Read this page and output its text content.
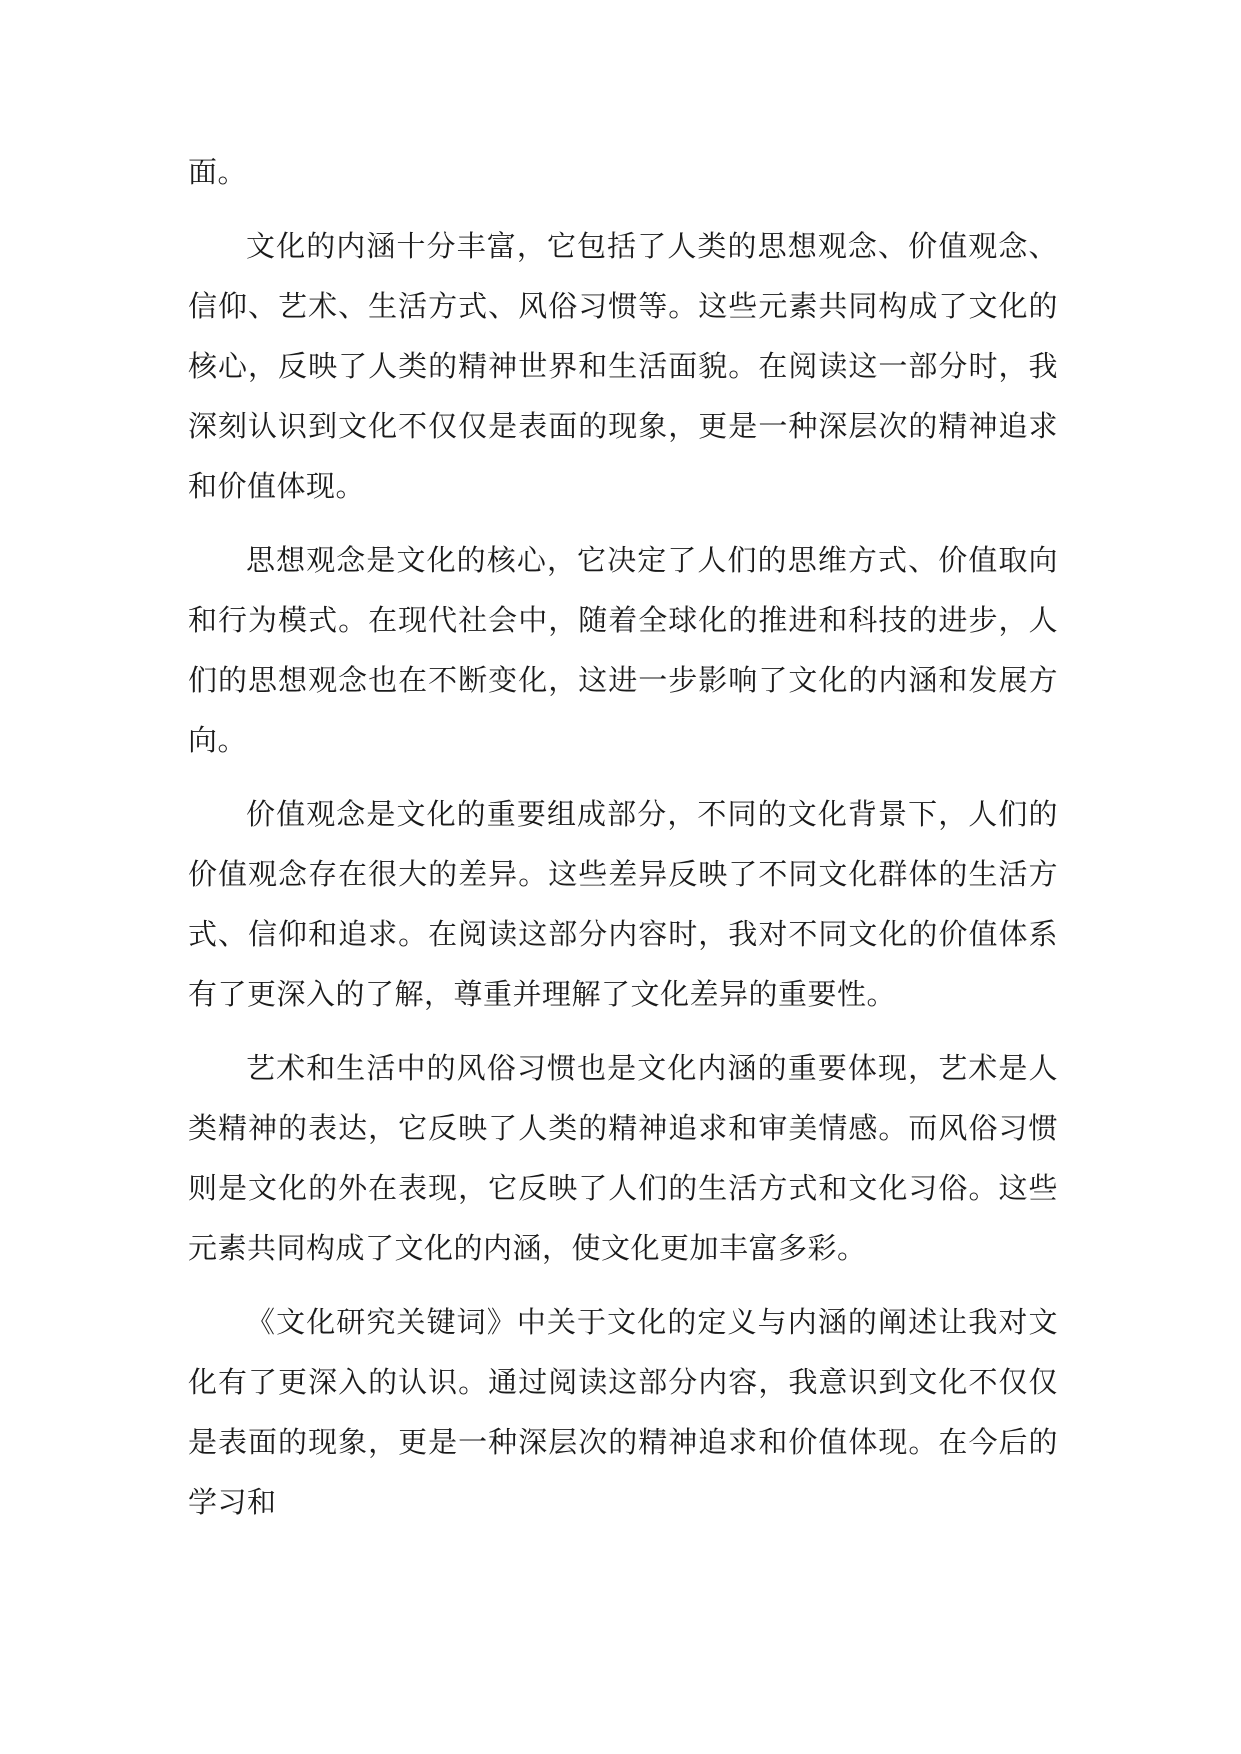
面。

文化的内涵十分丰富，它包括了人类的思想观念、价值观念、信仰、艺术、生活方式、风俗习惯等。这些元素共同构成了文化的核心，反映了人类的精神世界和生活面貌。在阅读这一部分时，我深刻认识到文化不仅仅是表面的现象，更是一种深层次的精神追求和价值体现。

思想观念是文化的核心，它决定了人们的思维方式、价值取向和行为模式。在现代社会中，随着全球化的推进和科技的进步，人们的思想观念也在不断变化，这进一步影响了文化的内涵和发展方向。

价值观念是文化的重要组成部分，不同的文化背景下，人们的价值观念存在很大的差异。这些差异反映了不同文化群体的生活方式、信仰和追求。在阅读这部分内容时，我对不同文化的价值体系有了更深入的了解，尊重并理解了文化差异的重要性。

艺术和生活中的风俗习惯也是文化内涵的重要体现，艺术是人类精神的表达，它反映了人类的精神追求和审美情感。而风俗习惯则是文化的外在表现，它反映了人们的生活方式和文化习俗。这些元素共同构成了文化的内涵，使文化更加丰富多彩。

《文化研究关键词》中关于文化的定义与内涵的阐述让我对文化有了更深入的认识。通过阅读这部分内容，我意识到文化不仅仅是表面的现象，更是一种深层次的精神追求和价值体现。在今后的学习和
